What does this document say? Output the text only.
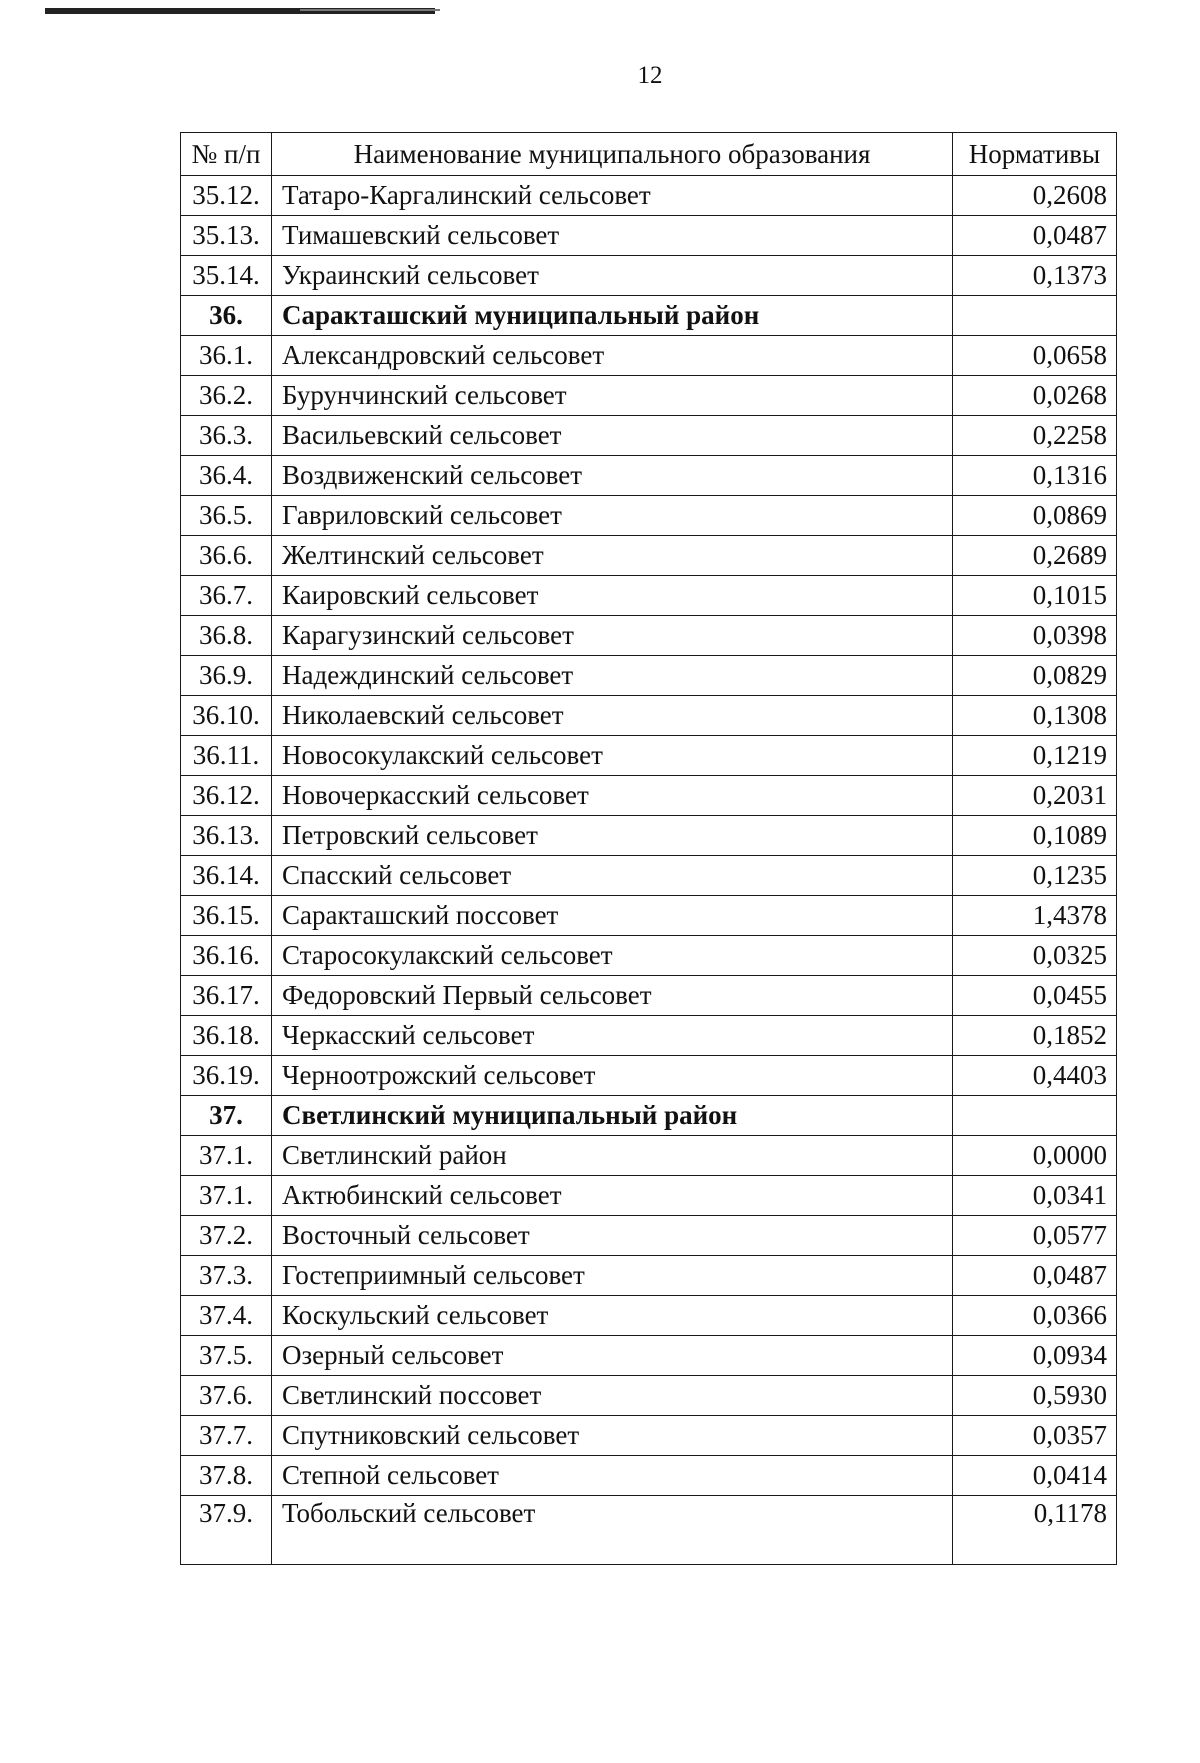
12
№ п/п	Наименование муниципального образования	Нормативы
35.12.	Татаро-Каргалинский сельсовет	0,2608
35.13.	Тимашевский сельсовет	0,0487
35.14.	Украинский сельсовет	0,1373
36.	Саракташский муниципальный район	
36.1.	Александровский сельсовет	0,0658
36.2.	Бурунчинский сельсовет	0,0268
36.3.	Васильевский сельсовет	0,2258
36.4.	Воздвиженский сельсовет	0,1316
36.5.	Гавриловский сельсовет	0,0869
36.6.	Желтинский сельсовет	0,2689
36.7.	Каировский сельсовет	0,1015
36.8.	Карагузинский сельсовет	0,0398
36.9.	Надеждинский сельсовет	0,0829
36.10.	Николаевский сельсовет	0,1308
36.11.	Новосокулакский сельсовет	0,1219
36.12.	Новочеркасский сельсовет	0,2031
36.13.	Петровский сельсовет	0,1089
36.14.	Спасский сельсовет	0,1235
36.15.	Саракташский поссовет	1,4378
36.16.	Старосокулакский сельсовет	0,0325
36.17.	Федоровский Первый сельсовет	0,0455
36.18.	Черкасский сельсовет	0,1852
36.19.	Черноотрожский сельсовет	0,4403
37.	Светлинский муниципальный район	
37.1.	Светлинский район	0,0000
37.1.	Актюбинский сельсовет	0,0341
37.2.	Восточный сельсовет	0,0577
37.3.	Гостеприимный сельсовет	0,0487
37.4.	Коскульский сельсовет	0,0366
37.5.	Озерный сельсовет	0,0934
37.6.	Светлинский поссовет	0,5930
37.7.	Спутниковский сельсовет	0,0357
37.8.	Степной сельсовет	0,0414
37.9.	Тобольский сельсовет	0,1178
